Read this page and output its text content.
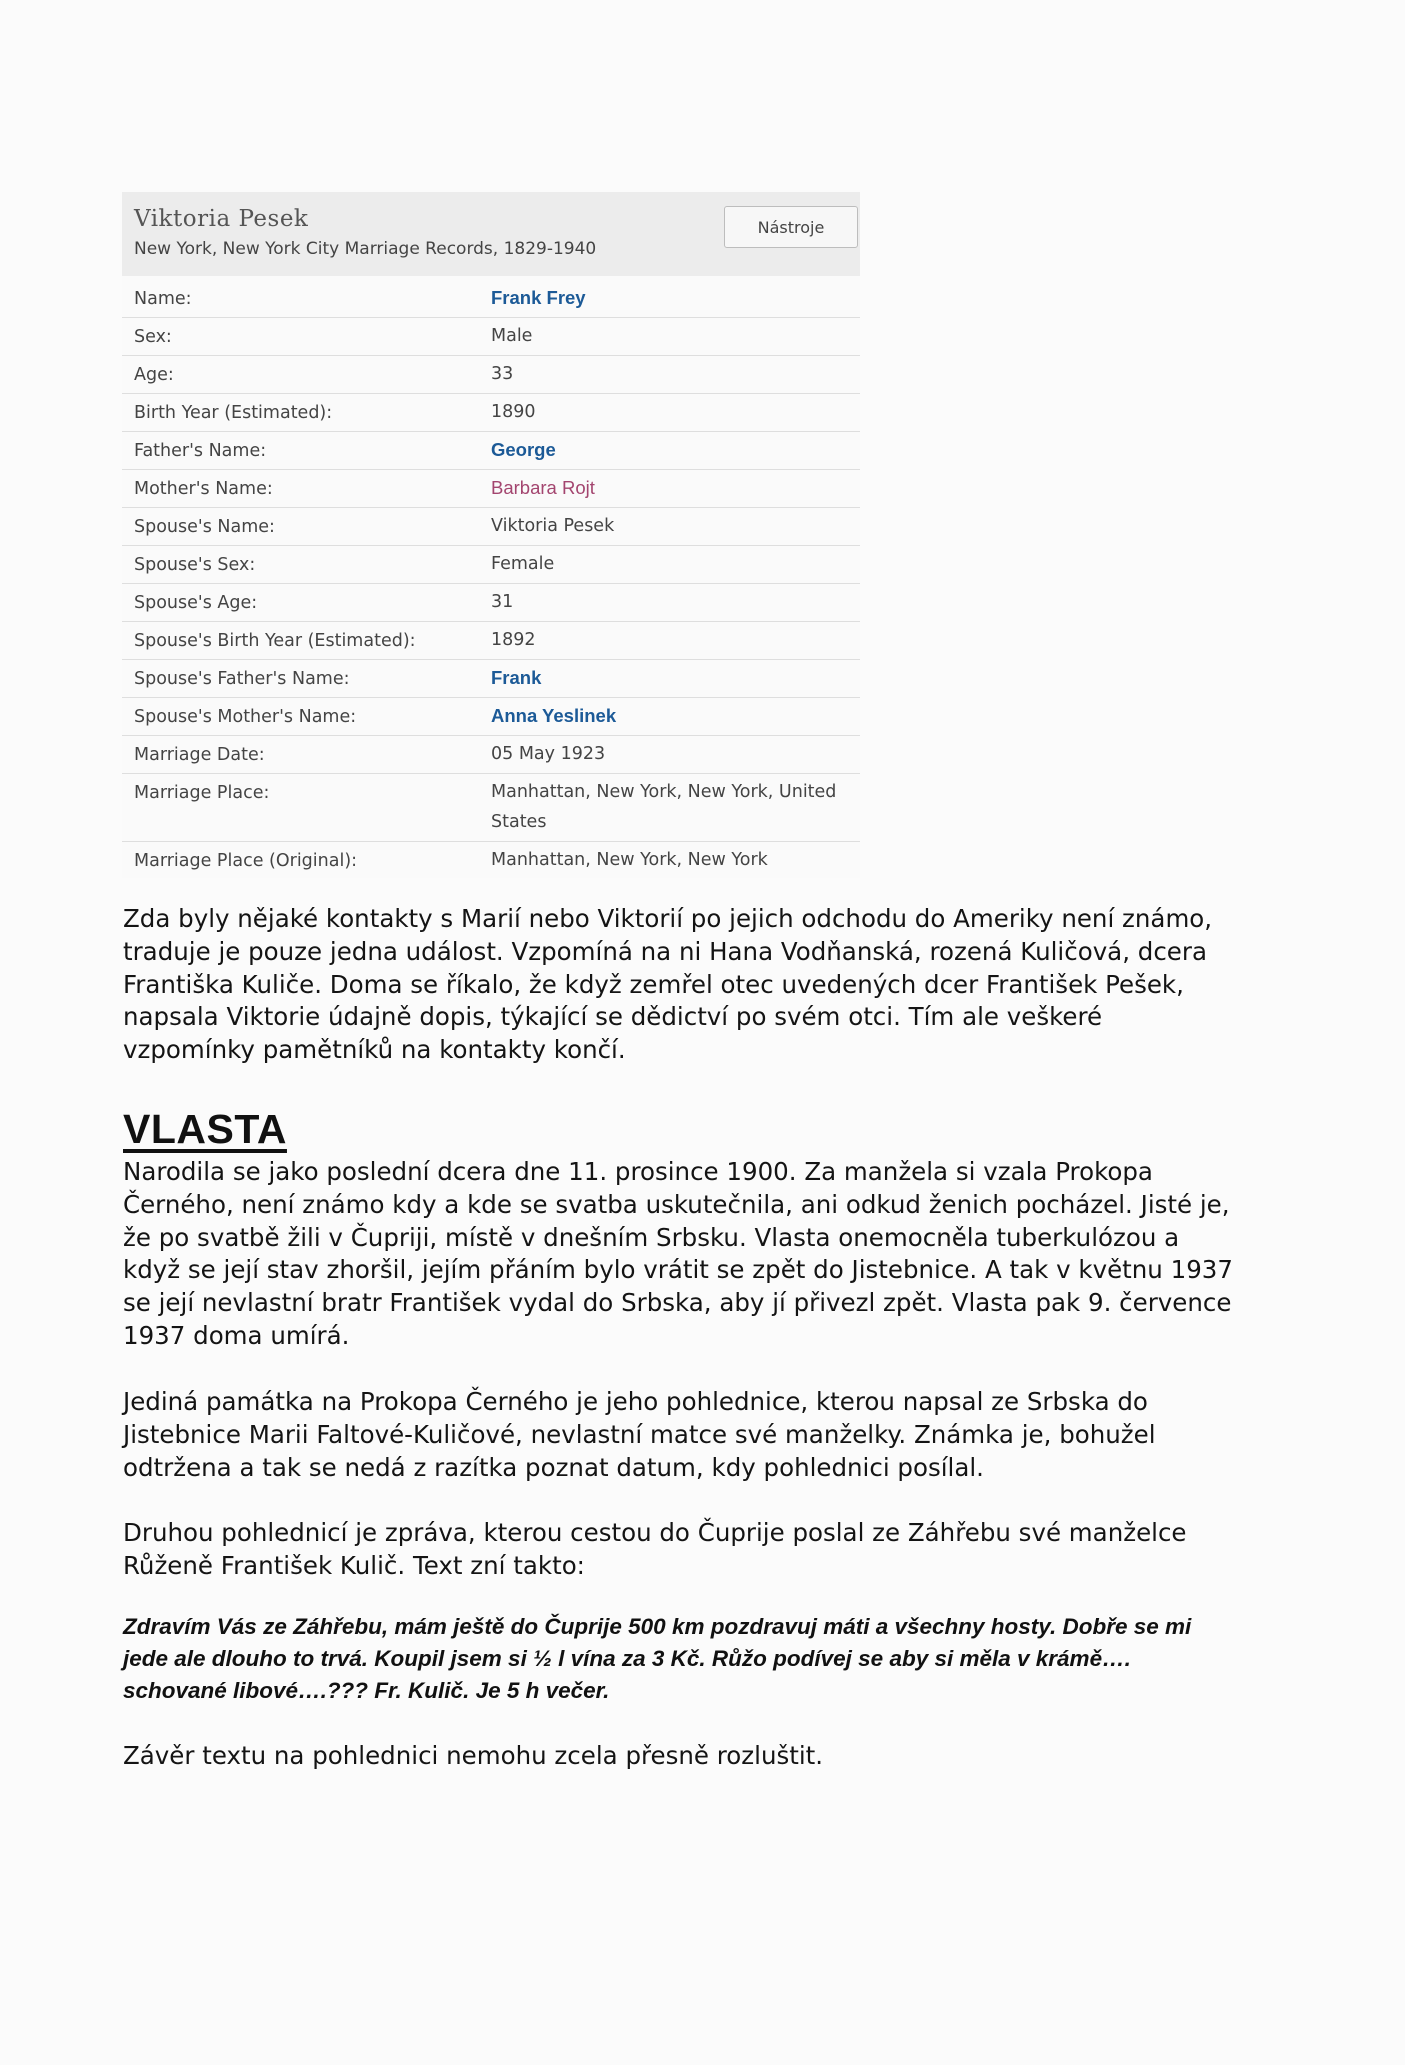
Viktoria Pesek
New York, New York City Marriage Records, 1829-1940
Nástroje
Name:	Frank Frey
Sex:	Male
Age:	33
Birth Year (Estimated):	1890
Father's Name:	George
Mother's Name:	Barbara Rojt
Spouse's Name:	Viktoria Pesek
Spouse's Sex:	Female
Spouse's Age:	31
Spouse's Birth Year (Estimated):	1892
Spouse's Father's Name:	Frank
Spouse's Mother's Name:	Anna Yeslinek
Marriage Date:	05 May 1923
Marriage Place:	Manhattan, New York, New York, United States
Marriage Place (Original):	Manhattan, New York, New York

Zda byly nějaké kontakty s Marií nebo Viktorií po jejich odchodu do Ameriky není známo, traduje je pouze jedna událost. Vzpomíná na ni Hana Vodňanská, rozená Kuličová, dcera Františka Kuliče. Doma se říkalo, že když zemřel otec uvedených dcer František Pešek, napsala Viktorie údajně dopis, týkající se dědictví po svém otci. Tím ale veškeré vzpomínky pamětníků na kontakty končí.

VLASTA

Narodila se jako poslední dcera dne 11. prosince 1900. Za manžela si vzala Prokopa Černého, není známo kdy a kde se svatba uskutečnila, ani odkud ženich pocházel. Jisté je, že po svatbě žili v Čupriji, místě v dnešním Srbsku. Vlasta onemocněla tuberkulózou a když se její stav zhoršil, jejím přáním bylo vrátit se zpět do Jistebnice. A tak v květnu 1937 se její nevlastní bratr František vydal do Srbska, aby jí přivezl zpět. Vlasta pak 9. července 1937 doma umírá.

Jediná památka na Prokopa Černého je jeho pohlednice, kterou napsal ze Srbska do Jistebnice Marii Faltové-Kuličové, nevlastní matce své manželky. Známka je, bohužel odtržena a tak se nedá z razítka poznat datum, kdy pohlednici posílal.

Druhou pohlednicí je zpráva, kterou cestou do Čuprije poslal ze Záhřebu své manželce Růženě František Kulič. Text zní takto:

Zdravím Vás ze Záhřebu, mám ještě do Čuprije 500 km pozdravuj máti a všechny hosty. Dobře se mi jede ale dlouho to trvá. Koupil jsem si ½ l vína za 3 Kč. Růžo podívej se aby si měla v krámě…. schované libové….??? Fr. Kulič. Je 5 h večer.

Závěr textu na pohlednici nemohu zcela přesně rozluštit.
